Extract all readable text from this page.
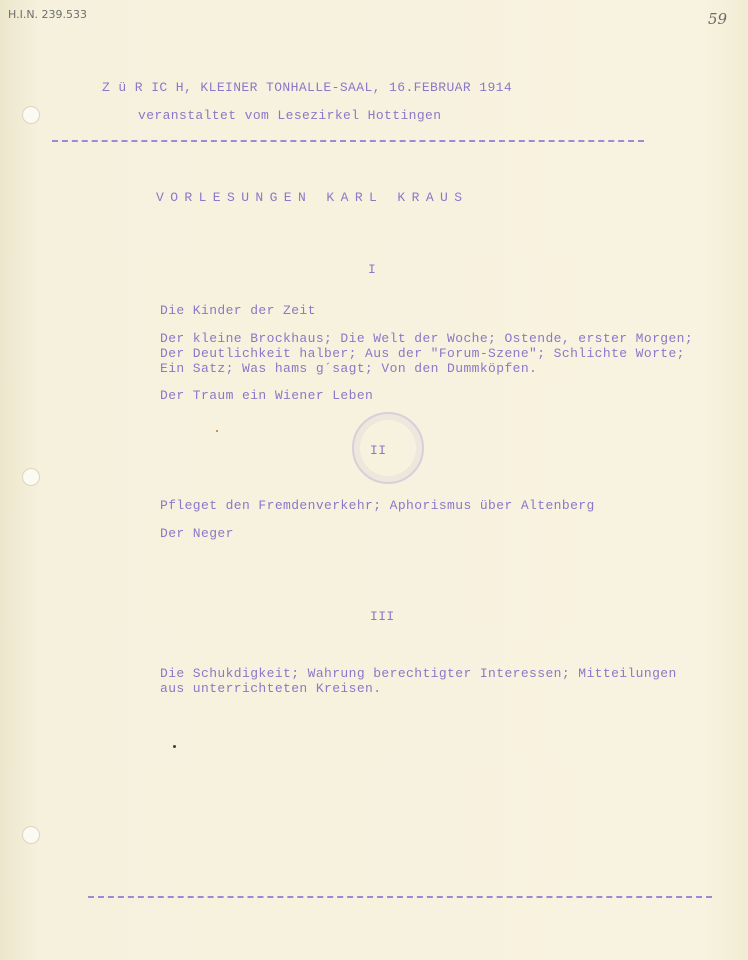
H.I.N. 239.533	59
Z ü R IC H, KLEINER TONHALLE-SAAL, 16.FEBRUAR 1914
veranstaltet vom Lesezirkel Hottingen
VORLESUNGEN KARL KRAUS
I
Die Kinder der Zeit
Der kleine Brockhaus; Die Welt der Woche; Ostende, erster Morgen;
Der Deutlichkeit halber; Aus der "Forum-Szene"; Schlichte Worte;
Ein Satz; Was hams g´sagt; Von den Dummköpfen.
Der Traum ein Wiener Leben
II
Pfleget den Fremdenverkehr; Aphorismus über Altenberg
Der Neger
III
Die Schukdigkeit; Wahrung berechtigter Interessen; Mitteilungen
aus unterrichteten Kreisen.
